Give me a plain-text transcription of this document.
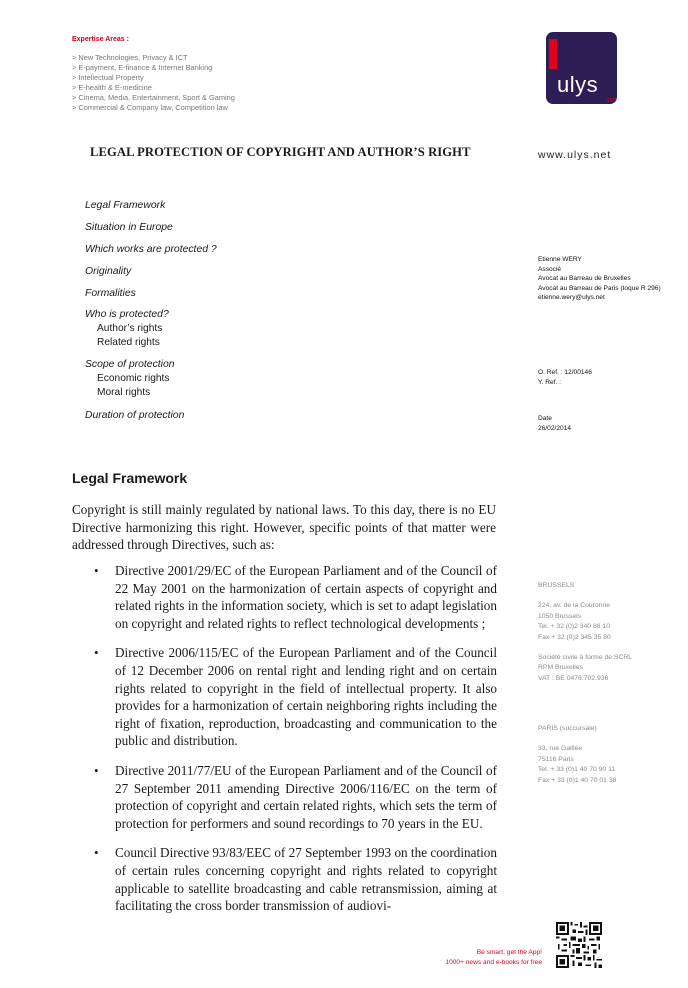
Expertise Areas :
> New Technologies, Privacy & ICT
> E-payment, E-finance & Internet Banking
> Intellectual Property
> E-health & E-medicine
> Cinema, Media, Entertainment, Sport & Gaming
> Commercial & Company law, Competition law
ulys
net
LEGAL PROTECTION OF COPYRIGHT AND AUTHOR’S RIGHT	www.ulys.net
Legal Framework
Situation in Europe
Which works are protected ?
Originality
Formalities
Who is protected?
Author’s rights
Related rights
Scope of protection
Economic rights
Moral rights
Duration of protection
Etienne WERY
Associé
Avocat au Barreau de Bruxelles
Avocat au Barreau de Paris (toque R 296)
etienne.wery@ulys.net
O. Ref. : 12/00146
Y. Ref. :
Date
26/02/2014
BRUSSELS
224, av. de la Couronne
1050 Brussels
Tel. + 32 (0)2 340 88 10
Fax + 32 (0)2 345 35 80
Société civile à forme de SCRL
RPM Bruxelles
VAT : BE 0476.702.936
PARIS (succursale)
33, rue Galilée
75116 Paris
Tel. + 33 (0)1 40 70 90 11
Fax + 33 (0)1 40 70 01 38
Legal Framework
Copyright is still mainly regulated by national laws. To this day, there is no EU Directive harmonizing this right. However, specific points of that matter were addressed through Directives, such as:
• Directive 2001/29/EC of the European Parliament and of the Council of 22 May 2001 on the harmonization of certain aspects of copyright and related rights in the information society, which is set to adapt legislation on copyright and related rights to reflect technological developments ;
• Directive 2006/115/EC of the European Parliament and of the Council of 12 December 2006 on rental right and lending right and on certain rights related to copyright in the field of intellectual property. It also provides for a harmonization of certain neighboring rights including the right of fixation, reproduction, broadcasting and communication to the public and distribution.
• Directive 2011/77/EU of the European Parliament and of the Council of 27 September 2011 amending Directive 2006/116/EC on the term of protection of copyright and certain related rights, which sets the term of protection for performers and sound recordings to 70 years in the EU.
• Council Directive 93/83/EEC of 27 September 1993 on the coordination of certain rules concerning copyright and rights related to copyright applicable to satellite broadcasting and cable retransmission, aiming at facilitating the cross border transmission of audiovi-
Be smart, get the App!
1000+ news and e-books for free
